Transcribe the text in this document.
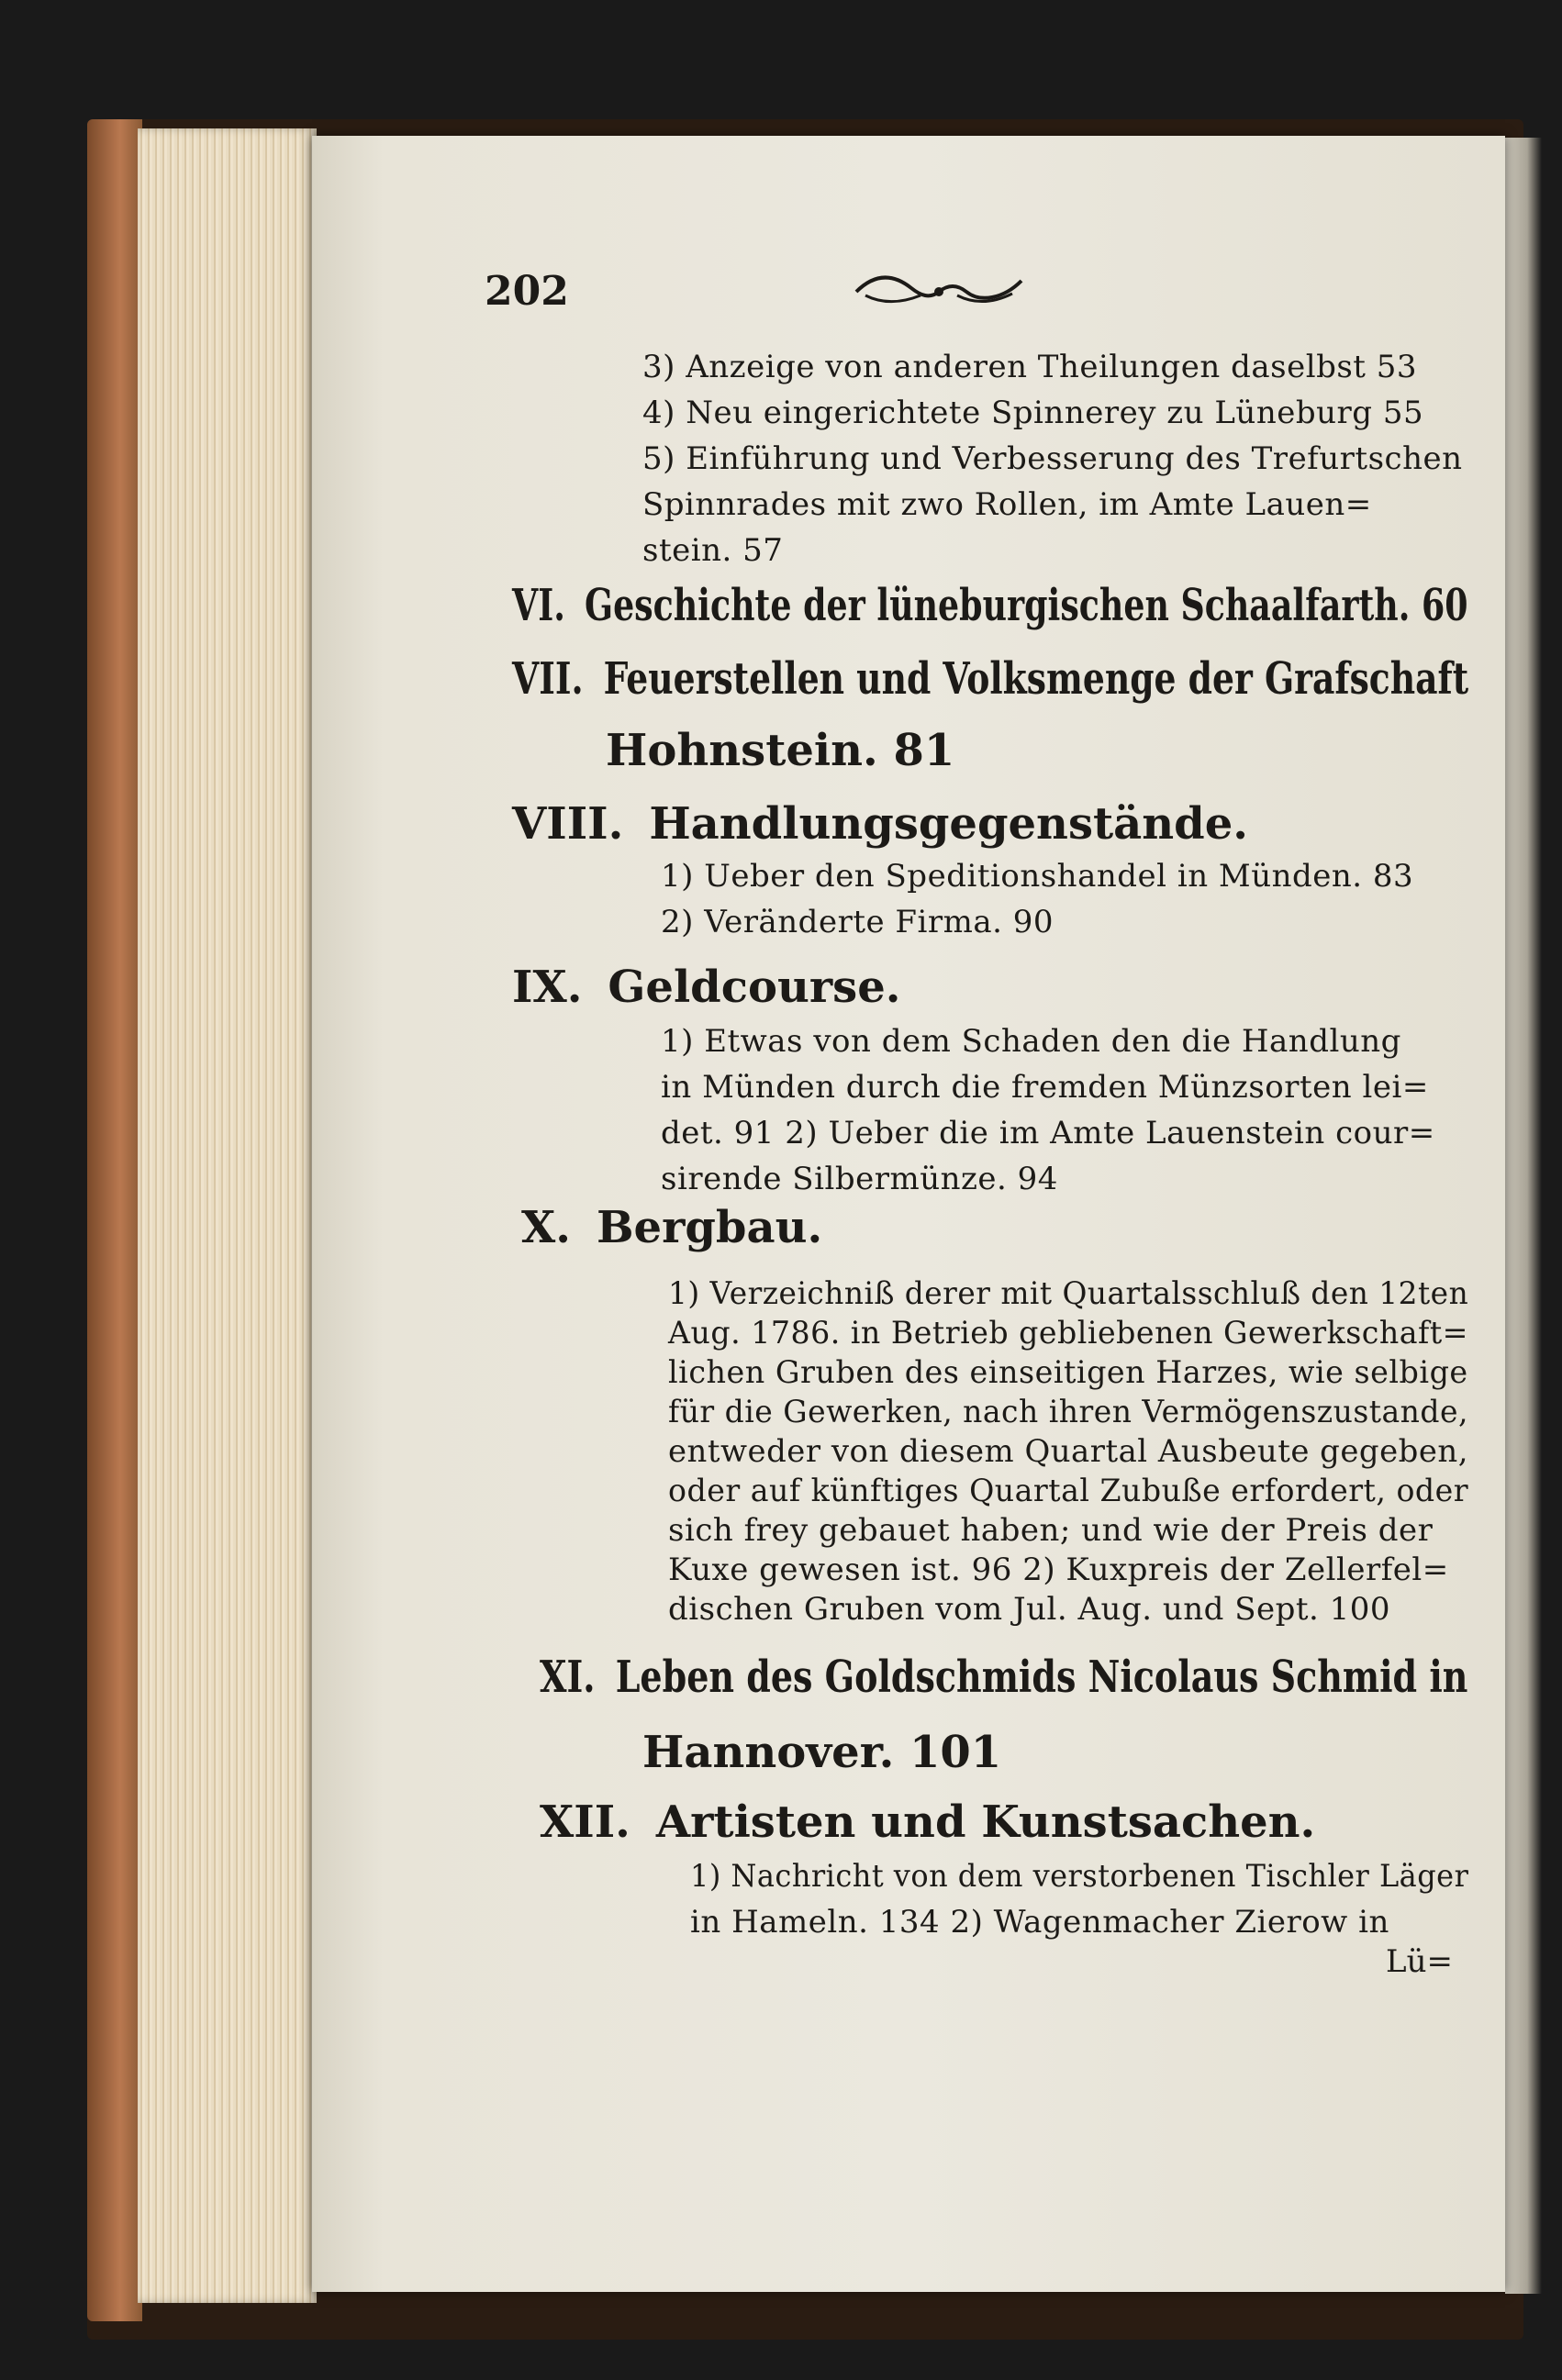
202
3) Anzeige von anderen Theilungen daselbst 53
4) Neu eingerichtete Spinnerey zu Lüneburg 55
5) Einführung und Verbesserung des Trefurtschen
Spinnrades mit zwo Rollen, im Amte Lauen=
stein. 57
VI. Geschichte der lüneburgischen Schaalfarth. 60
VII. Feuerstellen und Volksmenge der Grafschaft
Hohnstein. 81
VIII. Handlungsgegenstände.
1) Ueber den Speditionshandel in Münden. 83
2) Veränderte Firma. 90
IX. Geldcourse.
1) Etwas von dem Schaden den die Handlung
in Münden durch die fremden Münzsorten lei=
det. 91 2) Ueber die im Amte Lauenstein cour=
sirende Silbermünze. 94
X. Bergbau.
1) Verzeichniß derer mit Quartalsschluß den 12ten
Aug. 1786. in Betrieb gebliebenen Gewerkschaft=
lichen Gruben des einseitigen Harzes, wie selbige
für die Gewerken, nach ihren Vermögenszustande,
entweder von diesem Quartal Ausbeute gegeben,
oder auf künftiges Quartal Zubuße erfordert, oder
sich frey gebauet haben; und wie der Preis der
Kuxe gewesen ist. 96 2) Kuxpreis der Zellerfel=
dischen Gruben vom Jul. Aug. und Sept. 100
XI. Leben des Goldschmids Nicolaus Schmid in
Hannover. 101
XII. Artisten und Kunstsachen.
1) Nachricht von dem verstorbenen Tischler Läger
in Hameln. 134 2) Wagenmacher Zierow in
Lü=
